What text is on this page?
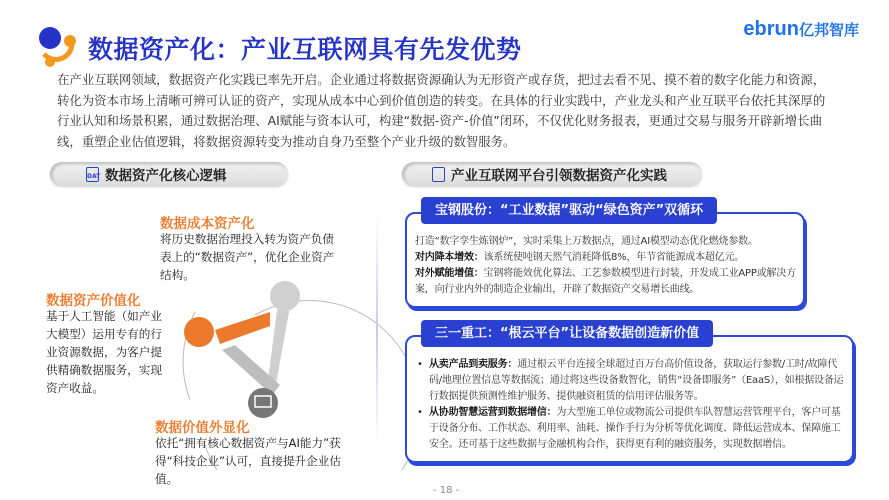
数据资产化：产业互联网具有先发优势
ebrun亿邦智库
在产业互联网领域，数据资产化实践已率先开启。企业通过将数据资源确认为无形资产或存货，把过去看不见、摸不着的数字化能力和资源，转化为资本市场上清晰可辨可认证的资产，实现从成本中心到价值创造的转变。在具体的行业实践中，产业龙头和产业互联平台依托其深厚的行业认知和场景积累，通过数据治理、AI赋能与资本认可，构建“数据-资产-价值”闭环，不仅优化财务报表，更通过交易与服务开辟新增长曲线，重塑企业估值逻辑，将数据资源转变为推动自身乃至整个产业升级的数智服务。
DAT 数据资产化核心逻辑	产业互联网平台引领数据资产化实践
数据成本资产化
将历史数据治理投入转为资产负债表上的“数据资产”，优化企业资产结构。
数据资产价值化
基于人工智能（如产业大模型）运用专有的行业资源数据，为客户提供精确数据服务，实现资产收益。
数据价值外显化
依托“拥有核心数据资产与AI能力”获得“科技企业”认可，直接提升企业估值。
宝钢股份：“工业数据”驱动“绿色资产”双循环
打造“数字孪生炼钢炉”，实时采集上万数据点，通过AI模型动态优化燃烧参数。
对内降本增效：该系统使吨钢天然气消耗降低8%，年节省能源成本超亿元。
对外赋能增值：宝钢将能效优化算法、工艺参数模型进行封装，开发成工业APP或解决方案，向行业内外的制造企业输出，开辟了数据资产交易增长曲线。
三一重工：“根云平台”让设备数据创造新价值
• 从卖产品到卖服务：通过根云平台连接全球超过百万台高价值设备，获取运行参数/工时/故障代码/地理位置信息等数据流；通过将这些设备数智化，销售“设备即服务”（EaaS），如根据设备运行数据提供预测性维护服务、提供融资租赁的信用评估服务等。
• 从协助智慧运营到数据增信：为大型施工单位或物流公司提供车队智慧运营管理平台，客户可基于设备分布、工作状态、利用率、油耗、操作手行为分析等优化调度、降低运营成本、保障施工安全。还可基于这些数据与金融机构合作，获得更有利的融资服务，实现数据增信。
- 18 -
